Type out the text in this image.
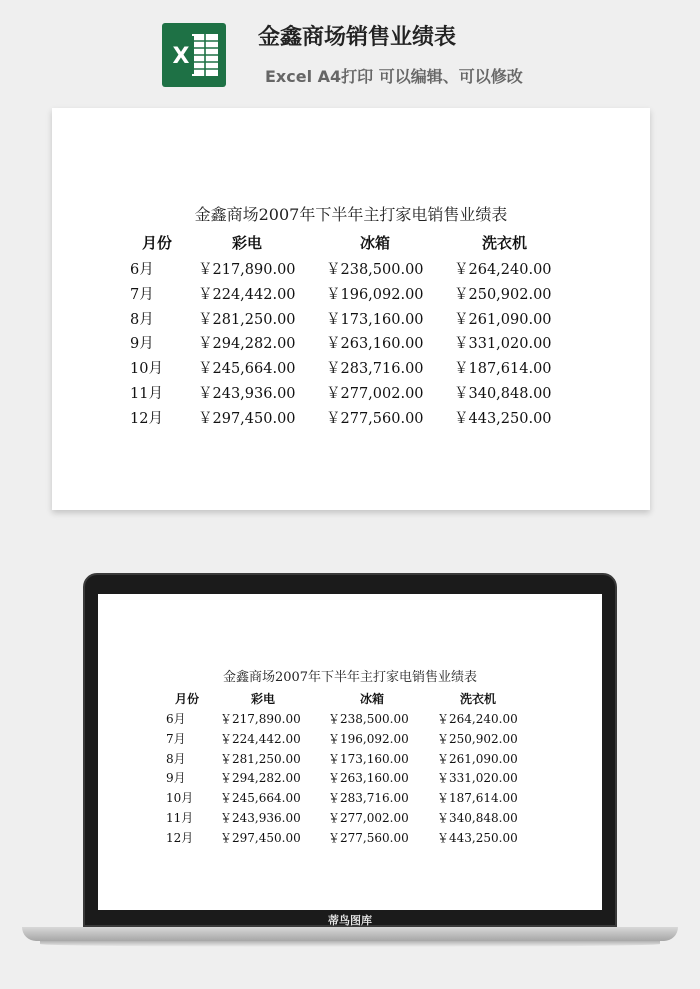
X
金鑫商场销售业绩表
Excel A4打印 可以编辑、可以修改
金鑫商场2007年下半年主打家电销售业绩表
月份	彩电	冰箱	洗衣机
6月	￥217,890.00 ￥238,500.00 ￥264,240.00
7月	￥224,442.00 ￥196,092.00 ￥250,902.00
8月	￥281,250.00 ￥173,160.00 ￥261,090.00
9月	￥294,282.00 ￥263,160.00 ￥331,020.00
10月 ￥245,664.00 ￥283,716.00 ￥187,614.00
11月 ￥243,936.00 ￥277,002.00 ￥340,848.00
12月 ￥297,450.00 ￥277,560.00 ￥443,250.00
金鑫商场2007年下半年主打家电销售业绩表
月份	彩电	冰箱	洗衣机
6月	￥217,890.00 ￥238,500.00 ￥264,240.00
7月	￥224,442.00 ￥196,092.00 ￥250,902.00
8月	￥281,250.00 ￥173,160.00 ￥261,090.00
9月	￥294,282.00 ￥263,160.00 ￥331,020.00
10月 ￥245,664.00 ￥283,716.00 ￥187,614.00
11月 ￥243,936.00 ￥277,002.00 ￥340,848.00
12月 ￥297,450.00 ￥277,560.00 ￥443,250.00
蒂鸟图库
